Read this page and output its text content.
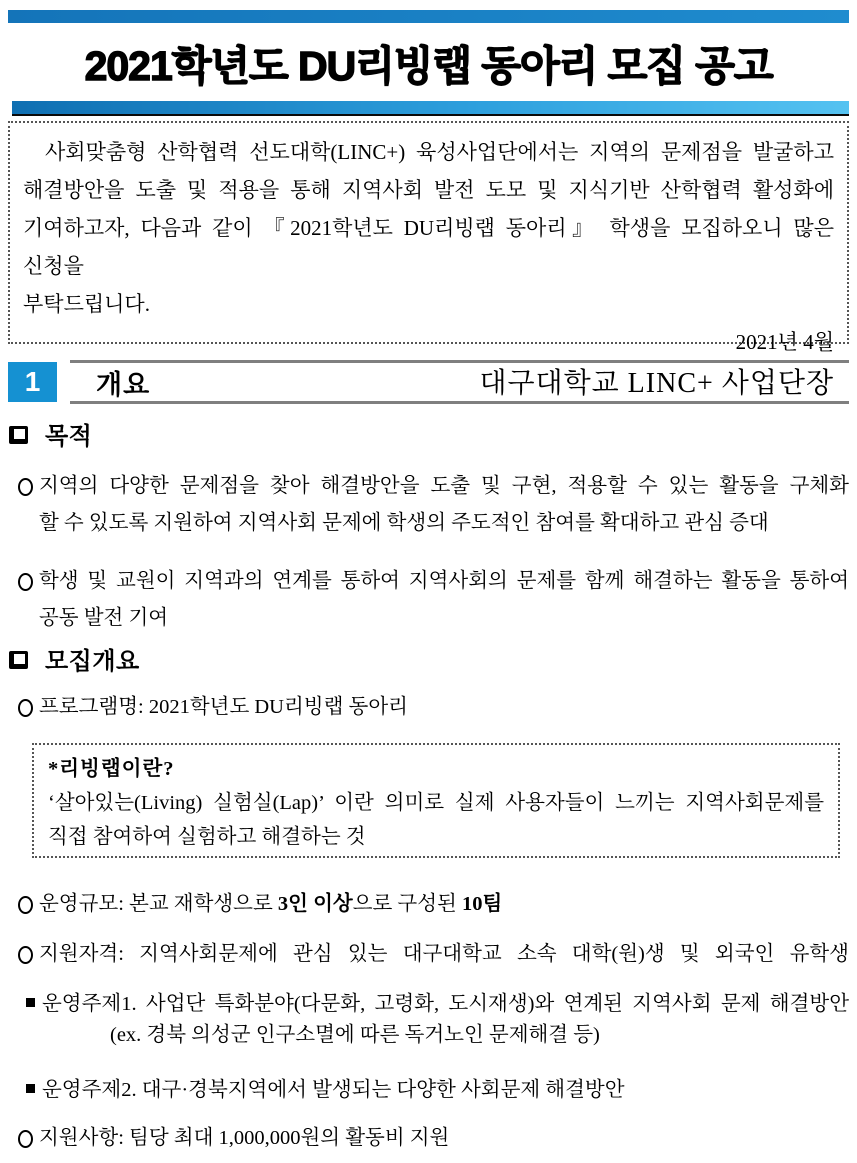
2021학년도 DU리빙랩 동아리 모집 공고
사회맞춤형 산학협력 선도대학(LINC+) 육성사업단에서는 지역의 문제점을 발굴하고
해결방안을 도출 및 적용을 통해 지역사회 발전 도모 및 지식기반 산학협력 활성화에
기여하고자, 다음과 같이 『2021학년도 DU리빙랩 동아리』 학생을 모집하오니 많은 신청을
부탁드립니다.
2021년 4월
대구대학교 LINC+ 사업단장
1	개요
목적
지역의 다양한 문제점을 찾아 해결방안을 도출 및 구현, 적용할 수 있는 활동을 구체화
할 수 있도록 지원하여 지역사회 문제에 학생의 주도적인 참여를 확대하고 관심 증대
학생 및 교원이 지역과의 연계를 통하여 지역사회의 문제를 함께 해결하는 활동을 통하여
공동 발전 기여
모집개요
프로그램명: 2021학년도 DU리빙랩 동아리
*리빙랩이란?
‘살아있는(Living) 실험실(Lap)’ 이란 의미로 실제 사용자들이 느끼는 지역사회문제를
직접 참여하여 실험하고 해결하는 것
운영규모: 본교 재학생으로 3인 이상으로 구성된 10팀
지원자격: 지역사회문제에 관심 있는 대구대학교 소속 대학(원)생 및 외국인 유학생
운영주제1. 사업단 특화분야(다문화, 고령화, 도시재생)와 연계된 지역사회 문제 해결방안
(ex. 경북 의성군 인구소멸에 따른 독거노인 문제해결 등)
운영주제2. 대구·경북지역에서 발생되는 다양한 사회문제 해결방안
지원사항: 팀당 최대 1,000,000원의 활동비 지원
